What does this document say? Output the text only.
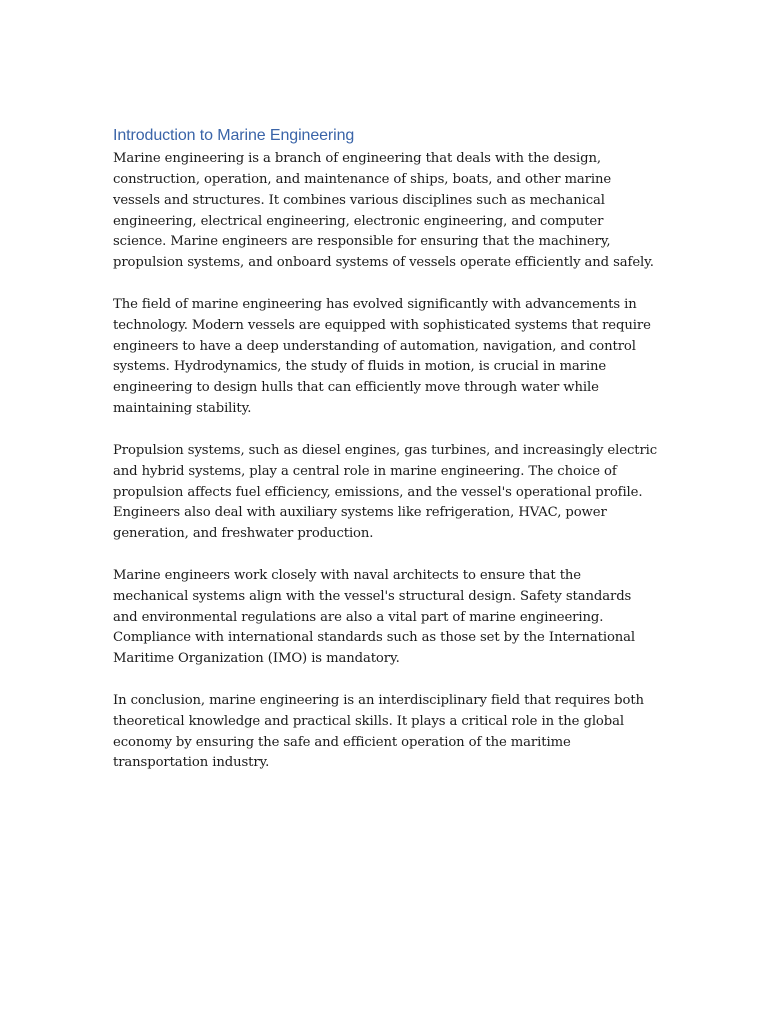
Introduction to Marine Engineering

Marine engineering is a branch of engineering that deals with the design, construction, operation, and maintenance of ships, boats, and other marine vessels and structures. It combines various disciplines such as mechanical engineering, electrical engineering, electronic engineering, and computer science. Marine engineers are responsible for ensuring that the machinery, propulsion systems, and onboard systems of vessels operate efficiently and safely.

The field of marine engineering has evolved significantly with advancements in technology. Modern vessels are equipped with sophisticated systems that require engineers to have a deep understanding of automation, navigation, and control systems. Hydrodynamics, the study of fluids in motion, is crucial in marine engineering to design hulls that can efficiently move through water while maintaining stability.

Propulsion systems, such as diesel engines, gas turbines, and increasingly electric and hybrid systems, play a central role in marine engineering. The choice of propulsion affects fuel efficiency, emissions, and the vessel's operational profile. Engineers also deal with auxiliary systems like refrigeration, HVAC, power generation, and freshwater production.

Marine engineers work closely with naval architects to ensure that the mechanical systems align with the vessel's structural design. Safety standards and environmental regulations are also a vital part of marine engineering. Compliance with international standards such as those set by the International Maritime Organization (IMO) is mandatory.

In conclusion, marine engineering is an interdisciplinary field that requires both theoretical knowledge and practical skills. It plays a critical role in the global economy by ensuring the safe and efficient operation of the maritime transportation industry.
